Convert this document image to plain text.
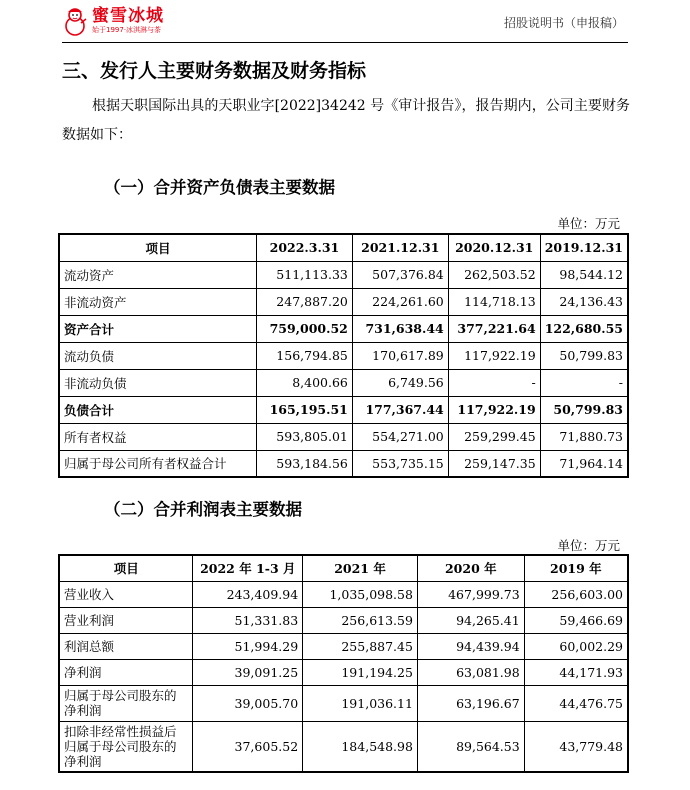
蜜雪冰城
始于1997·冰淇淋与茶	招股说明书（申报稿）
三、发行人主要财务数据及财务指标
根据天职国际出具的天职业字[2022]34242 号《审计报告》，报告期内，公司主要财务数据如下：
（一）合并资产负债表主要数据
单位：万元
项目	2022.3.31	2021.12.31	2020.12.31	2019.12.31
流动资产	511,113.33	507,376.84	262,503.52	98,544.12
非流动资产	247,887.20	224,261.60	114,718.13	24,136.43
资产合计	759,000.52	731,638.44	377,221.64	122,680.55
流动负债	156,794.85	170,617.89	117,922.19	50,799.83
非流动负债	8,400.66	6,749.56	-	-
负债合计	165,195.51	177,367.44	117,922.19	50,799.83
所有者权益	593,805.01	554,271.00	259,299.45	71,880.73
归属于母公司所有者权益合计	593,184.56	553,735.15	259,147.35	71,964.14
（二）合并利润表主要数据
单位：万元
项目	2022 年 1-3 月	2021 年	2020 年	2019 年
营业收入	243,409.94	1,035,098.58	467,999.73	256,603.00
营业利润	51,331.83	256,613.59	94,265.41	59,466.69
利润总额	51,994.29	255,887.45	94,439.94	60,002.29
净利润	39,091.25	191,194.25	63,081.98	44,171.93
归属于母公司股东的净利润	39,005.70	191,036.11	63,196.67	44,476.75
扣除非经常性损益后归属于母公司股东的净利润	37,605.52	184,548.98	89,564.53	43,779.48
